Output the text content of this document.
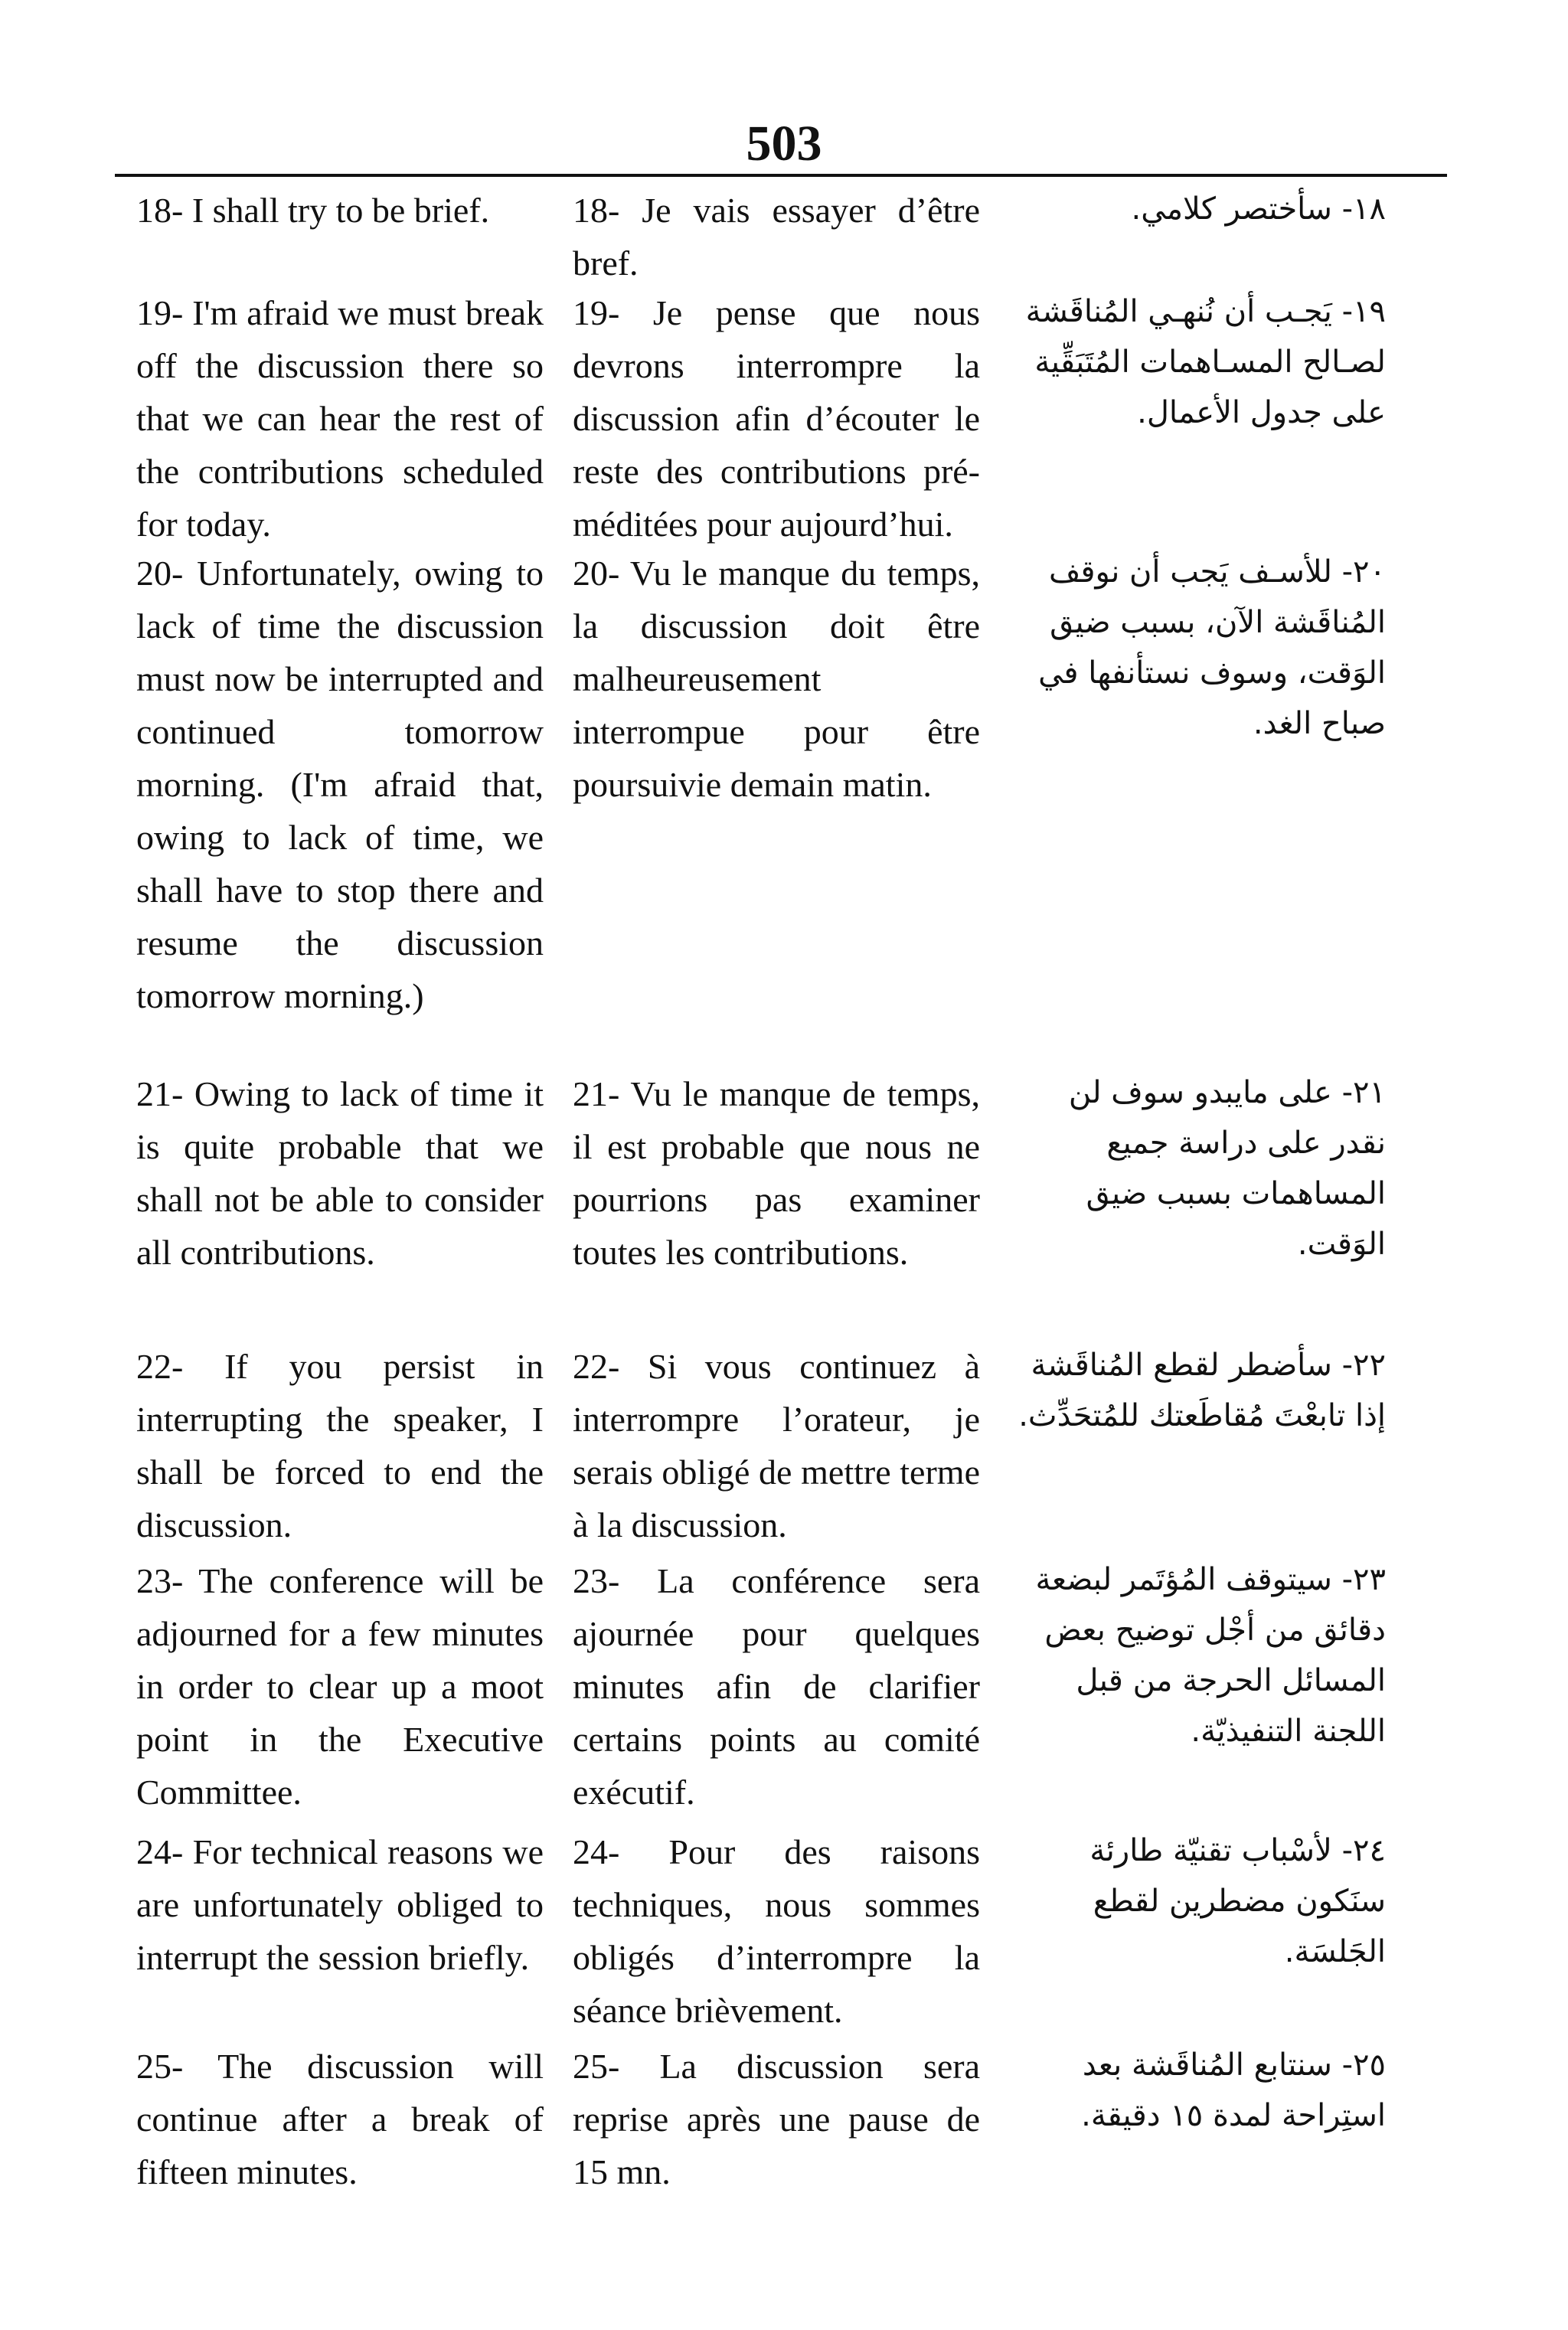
503

18- I shall try to be brief.	18- Je vais essayer d’être bref.

١٨- سأختصر كلامي.

19- I'm afraid we must break off the discussion there so that we can hear the rest of the contributions scheduled for today.

19- Je pense que nous devrons interrompre la discussion afin d’écouter le reste des contributions pré-méditées pour aujourd’hui.

١٩- يَجـب أن نُنهـي المُناقَشة لصـالح المسـاهمات المُتَبَقِّية على جدول الأعمال.

20- Unfortunately, owing to lack of time the discussion must now be interrupted and continued tomorrow morning. (I'm afraid that, owing to lack of time, we shall have to stop there and resume the discussion tomorrow morning.)

20- Vu le manque du temps, la discussion doit être malheureusement interrompue pour être poursuivie demain matin.

٢٠- للأسـف يَجب أن نوقف المُناقَشة الآن، بسبب ضيق الوَقت، وسوف نستأنفها في صباح الغد.

21- Owing to lack of time it is quite probable that we shall not be able to consider all contributions.

21- Vu le manque de temps, il est probable que nous ne pourrions pas examiner toutes les contributions.

٢١- على مايبدو سوف لن نقدر على دراسة جميع المساهمات بسبب ضيق الوَقت.

22- If you persist in interrupting the speaker, I shall be forced to end the discussion.

22- Si vous continuez à interrompre l’orateur, je serais obligé de mettre terme à la discussion.

٢٢- سأضطر لقطع المُناقَشة إذا تابعْتَ مُقاطَعتك للمُتحَدِّث.

23- The conference will be adjourned for a few minutes in order to clear up a moot point in the Executive Committee.

23- La conférence sera ajournée pour quelques minutes afin de clarifier certains points au comité exécutif.

٢٣- سيتوقف المُؤتَمر لبضعة دقائق من أجْل توضيح بعض المسائل الحرجة من قبل اللجنة التنفيذيّة.

24- For technical reasons we are unfortunately obliged to interrupt the session briefly.

24- Pour des raisons techniques, nous sommes obligés d’interrompre la séance brièvement.

٢٤- لأسْباب تقنيّة طارئة سنَكون مضطرين لقطع الجَلسَة.

25- The discussion will continue after a break of fifteen minutes.

25- La discussion sera reprise après une pause de 15 mn.

٢٥- سنتابع المُناقَشة بعد استِراحة لمدة ١٥ دقيقة.
